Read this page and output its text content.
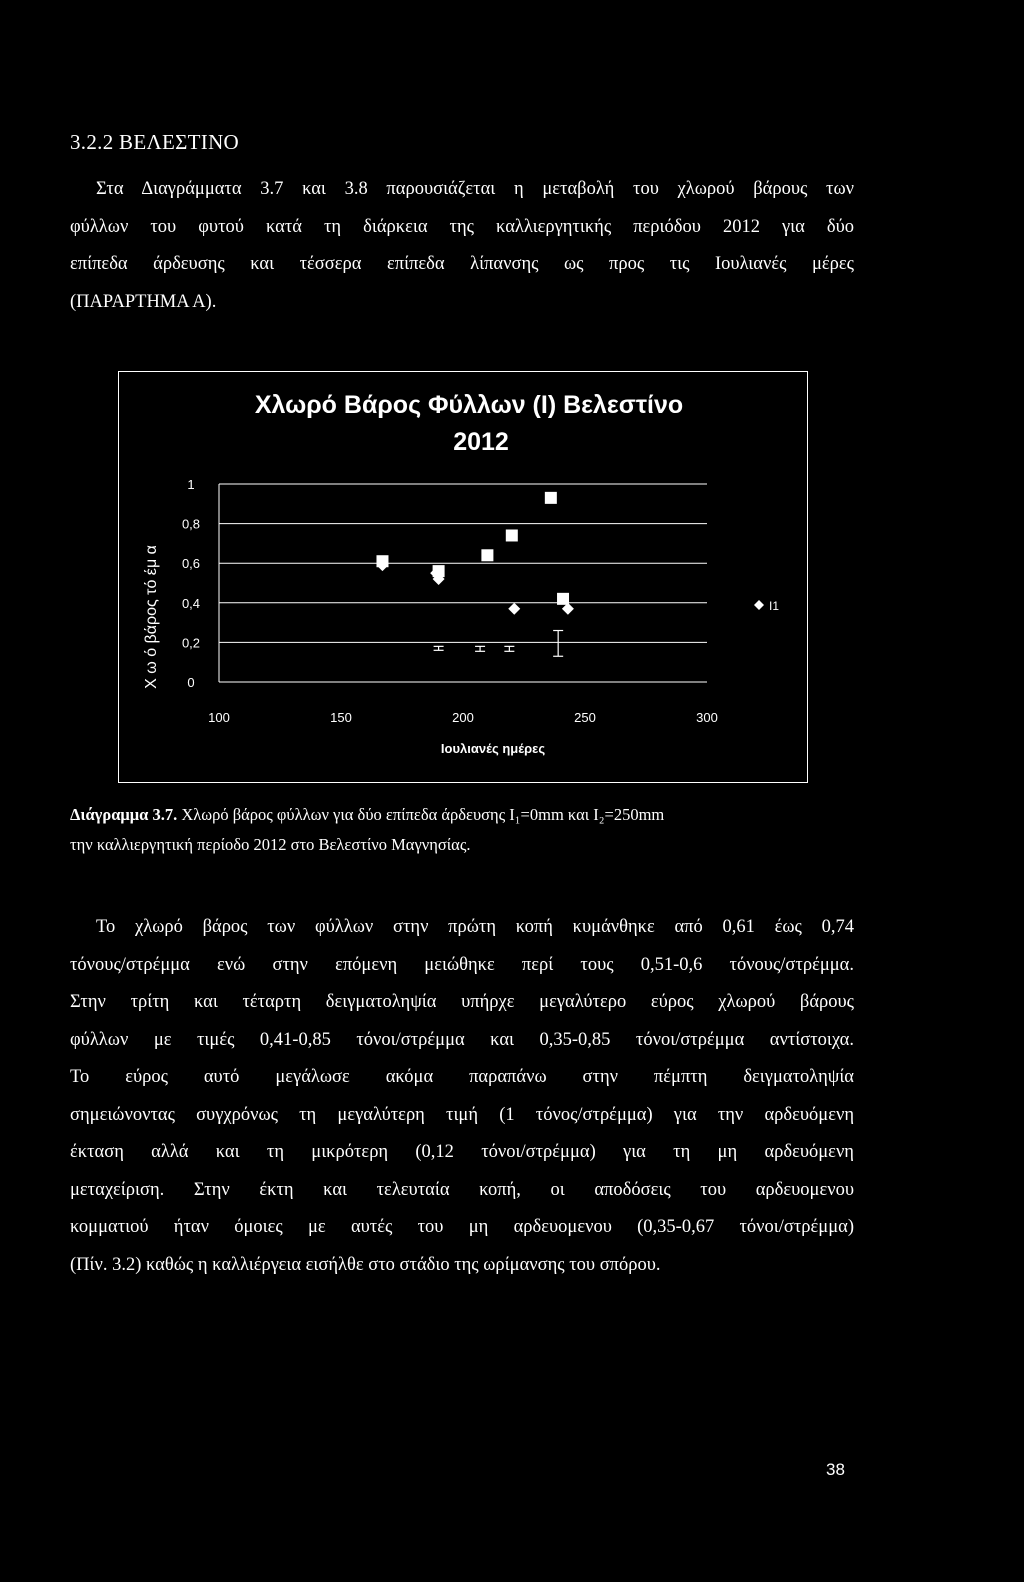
3.2.2 ΒΕΛΕΣΤΙΝΟ
Στα Διαγράμματα 3.7 και 3.8 παρουσιάζεται η μεταβολή του χλωρού βάρους των
φύλλων του φυτού κατά τη διάρκεια της καλλιεργητικής περιόδου 2012 για δύο
επίπεδα άρδευσης και τέσσερα επίπεδα λίπανσης ως προς τις Ιουλιανές μέρες
(ΠΑΡΑΡΤΗΜΑ Α).
Χλωρό Βάρος Φύλλων (Ι) Βελεστίνο
2012
1
0,8
0,6
0,4
0,2
0
100	150	200	250	300
Ιουλιανές ημέρες
Χ ω ό βάρος τό έμ α	I1
Διάγραμμα 3.7. Χλωρό βάρος φύλλων για δύο επίπεδα άρδευσης I₁=0mm και I₂=250mm
την καλλιεργητική περίοδο 2012 στο Βελεστίνο Μαγνησίας.
Το χλωρό βάρος των φύλλων στην πρώτη κοπή κυμάνθηκε από 0,61 έως 0,74
τόνους/στρέμμα ενώ στην επόμενη μειώθηκε περί τους 0,51-0,6 τόνους/στρέμμα.
Στην τρίτη και τέταρτη δειγματοληψία υπήρχε μεγαλύτερο εύρος χλωρού βάρους
φύλλων με τιμές 0,41-0,85 τόνοι/στρέμμα και 0,35-0,85 τόνοι/στρέμμα αντίστοιχα.
Το εύρος αυτό μεγάλωσε ακόμα παραπάνω στην πέμπτη δειγματοληψία
σημειώνοντας συγχρόνως τη μεγαλύτερη τιμή (1 τόνος/στρέμμα) για την αρδευόμενη
έκταση αλλά και τη μικρότερη (0,12 τόνοι/στρέμμα) για τη μη αρδευόμενη
μεταχείριση. Στην έκτη και τελευταία κοπή, οι αποδόσεις του αρδευομενου
κομματιού ήταν όμοιες με αυτές του μη αρδευομενου (0,35-0,67 τόνοι/στρέμμα)
(Πίν. 3.2) καθώς η καλλιέργεια εισήλθε στο στάδιο της ωρίμανσης του σπόρου.
38
